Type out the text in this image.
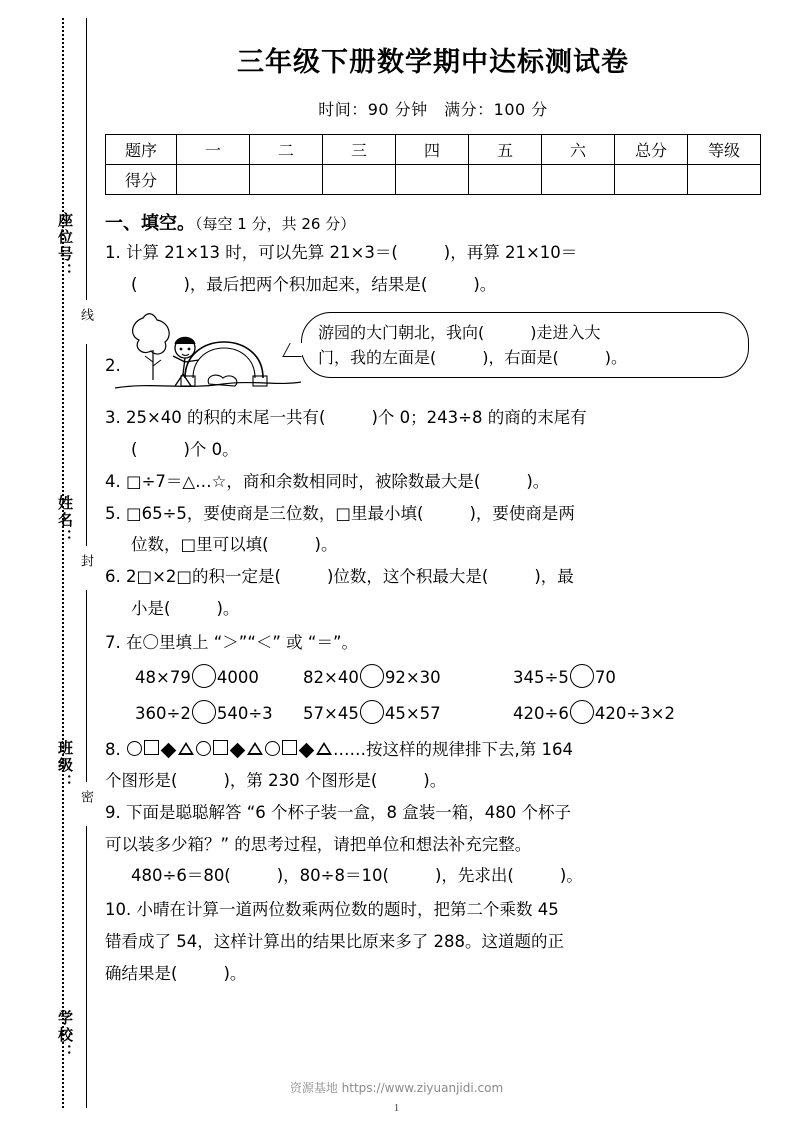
座位号：
线
姓名：
封
班级：
密
学校：
三年级下册数学期中达标测试卷
时间：90 分钟　满分：100 分
题序	一	二	三	四	五	六	总分	等级
得分								
一、填空。（每空 1 分，共 26 分）
1. 计算 21×13 时，可以先算 21×3＝(	)，再算 21×10＝
(	)，最后把两个积加起来，结果是(	)。
2.
游园的大门朝北，我向(	)走进入大
门，我的左面是(	)，右面是(	)。
3. 25×40 的积的末尾一共有(	)个 0；243÷8 的商的末尾有
(	)个 0。
4. □÷7＝△…☆，商和余数相同时，被除数最大是(	)。
5. □65÷5，要使商是三位数，□里最小填(	)，要使商是两
位数，□里可以填(	)。
6. 2□×2□的积一定是(	)位数，这个积最大是(	)，最
小是(	)。
7. 在〇里填上 “＞”“＜” 或 “＝”。
48×79 4000	82×40 92×30	345÷5 70
360÷2 540÷3 57×45 45×57	420÷6 420÷3×2
8.	……按这样的规律排下去,第 164
个图形是(	)，第 230 个图形是(	)。
9. 下面是聪聪解答 “6 个杯子装一盒，8 盒装一箱，480 个杯子
可以装多少箱？” 的思考过程，请把单位和想法补充完整。
480÷6＝80(	)，80÷8＝10(	)，先求出(	)。
10. 小晴在计算一道两位数乘两位数的题时，把第二个乘数 45
错看成了 54，这样计算出的结果比原来多了 288。这道题的正
确结果是(	)。
资源基地 https://www.ziyuanjidi.com
1
